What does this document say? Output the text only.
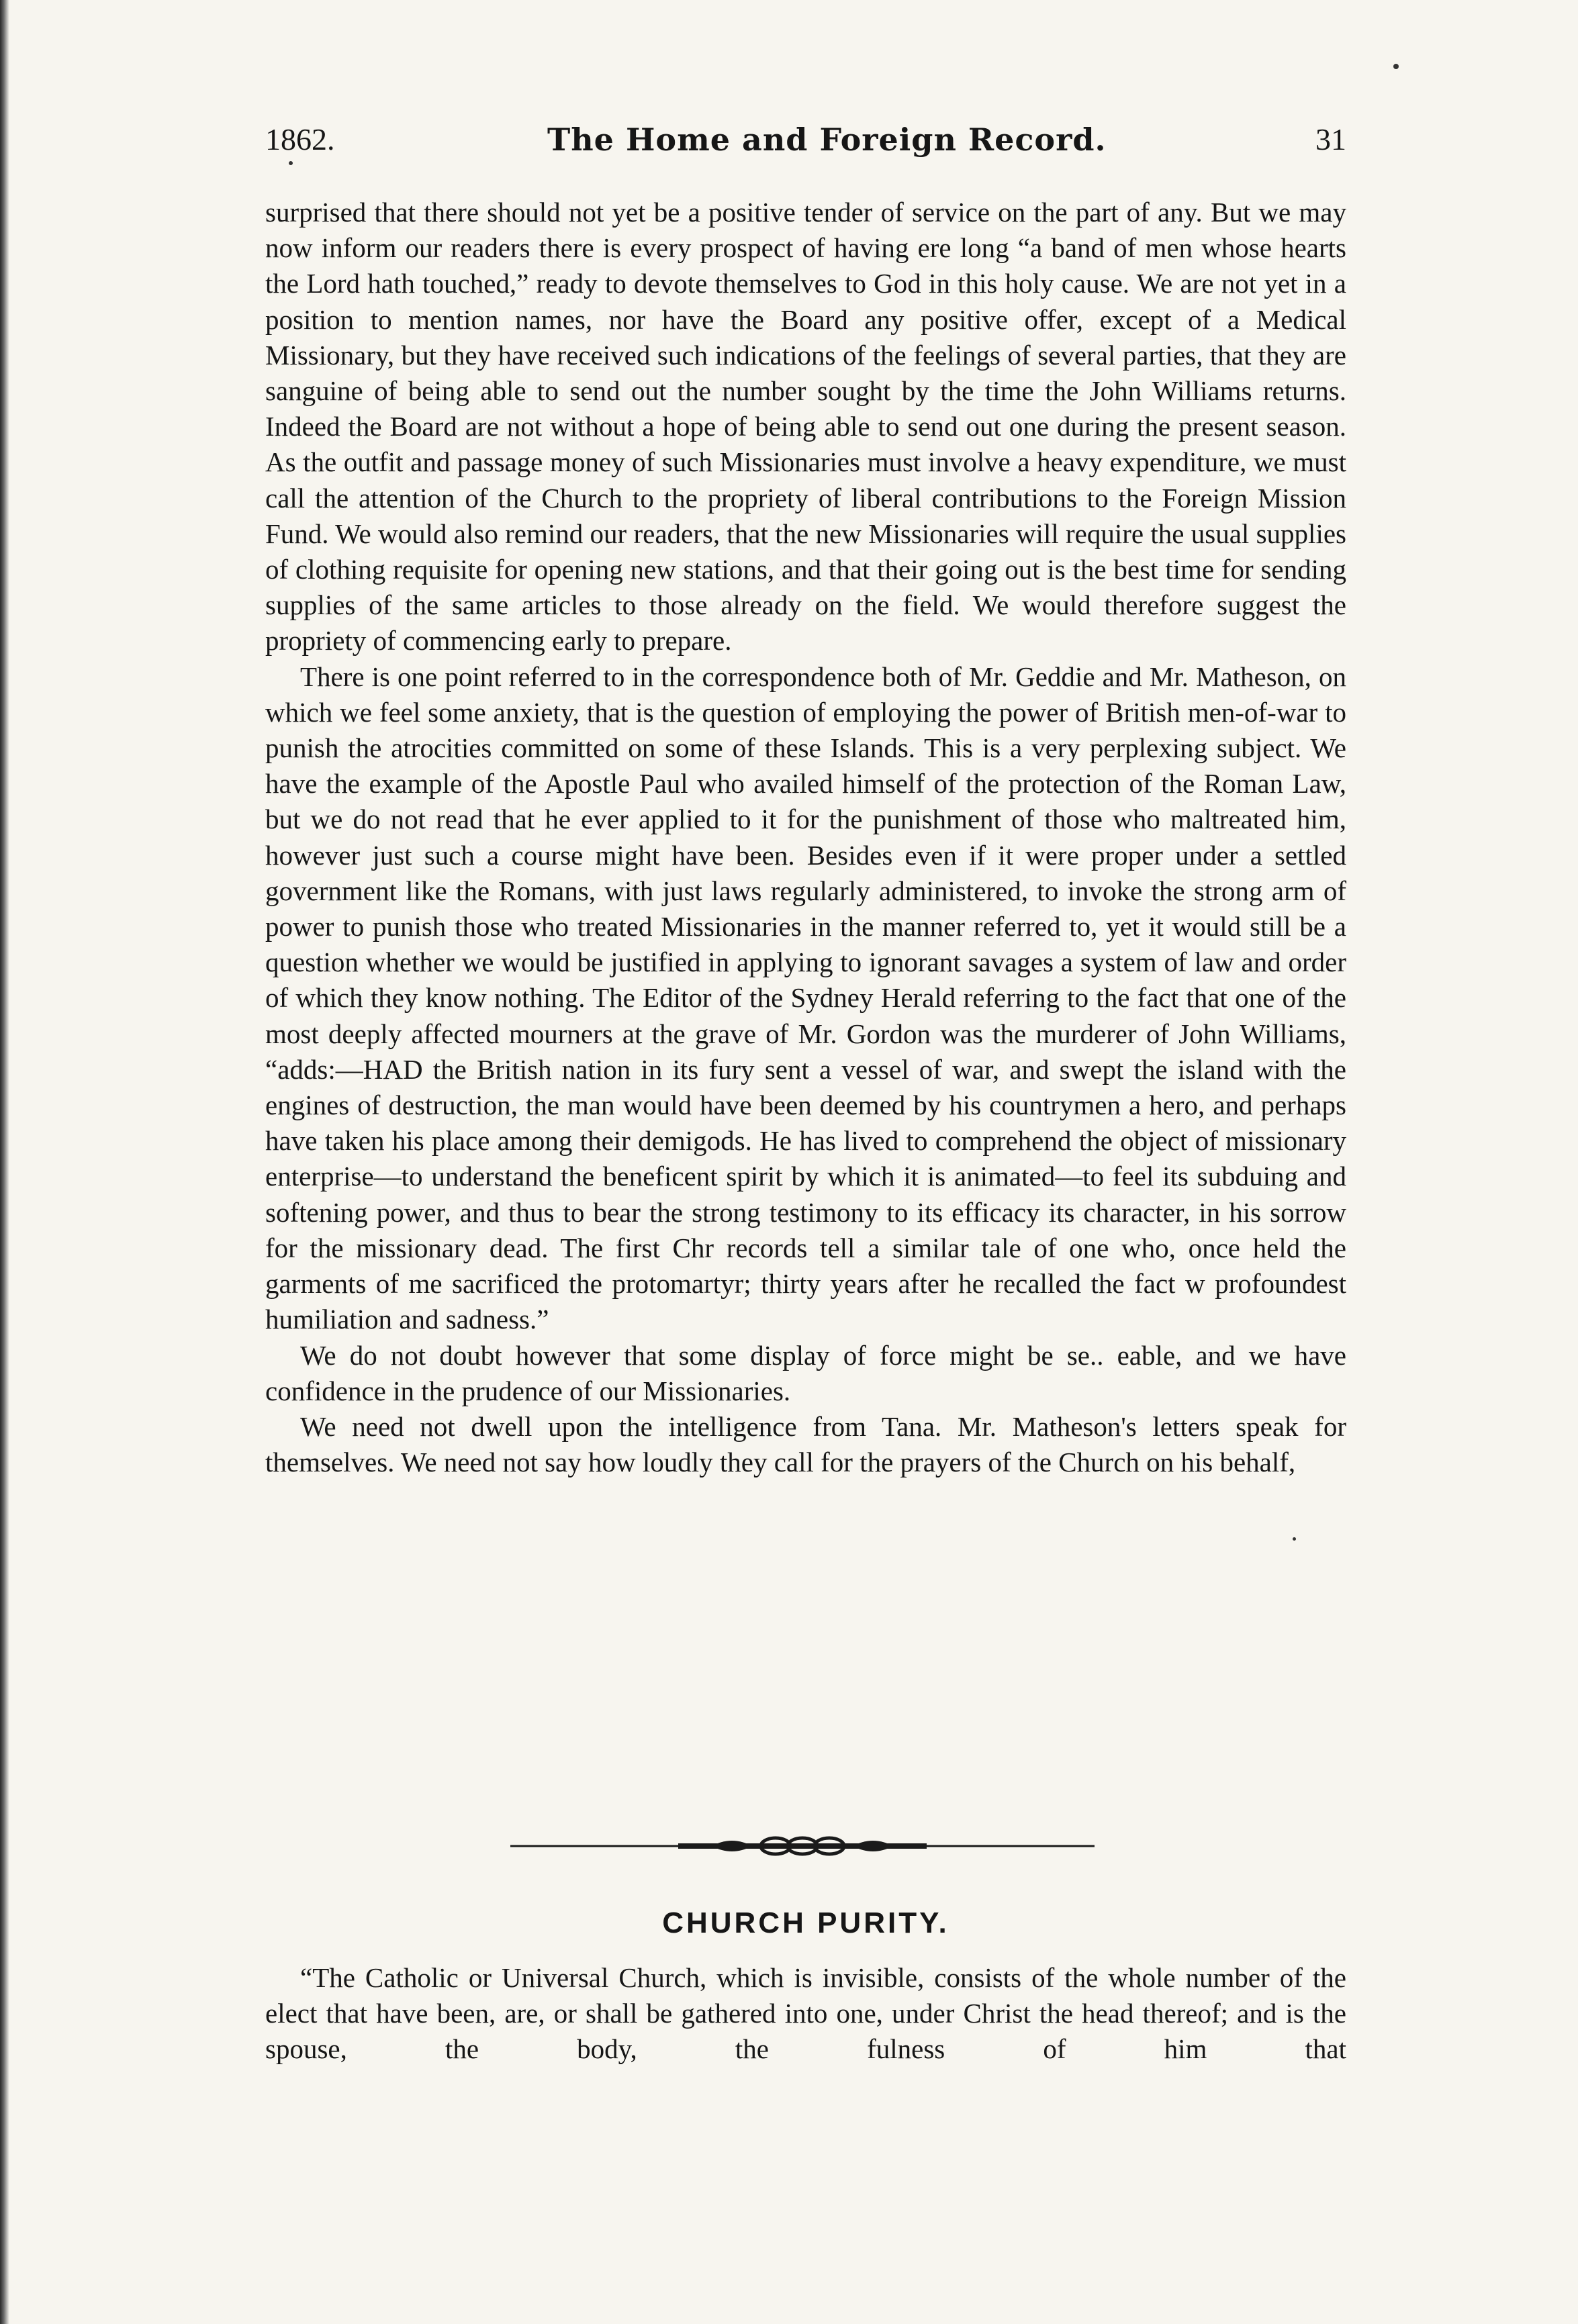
1862.	The Home and Foreign Record.	31

surprised that there should not yet be a positive tender of service on the part of any. But we may now inform our readers there is every prospect of having ere long “a band of men whose hearts the Lord hath touched,” ready to devote themselves to God in this holy cause. We are not yet in a position to mention names, nor have the Board any positive offer, except of a Medical Missionary, but they have received such indications of the feelings of several parties, that they are sanguine of being able to send out the number sought by the time the John Williams returns. Indeed the Board are not without a hope of being able to send out one during the present season. As the outfit and passage money of such Missionaries must involve a heavy expenditure, we must call the attention of the Church to the propriety of liberal contributions to the Foreign Mission Fund. We would also remind our readers, that the new Missionaries will require the usual supplies of clothing requisite for opening new stations, and that their going out is the best time for sending supplies of the same articles to those already on the field. We would therefore suggest the propriety of commencing early to prepare.

There is one point referred to in the correspondence both of Mr. Geddie and Mr. Matheson, on which we feel some anxiety, that is the question of employing the power of British men-of-war to punish the atrocities committed on some of these Islands. This is a very perplexing subject. We have the example of the Apostle Paul who availed himself of the protection of the Roman Law, but we do not read that he ever applied to it for the punishment of those who maltreated him, however just such a course might have been. Besides even if it were proper under a settled government like the Romans, with just laws regularly administered, to invoke the strong arm of power to punish those who treated Missionaries in the manner referred to, yet it would still be a question whether we would be justified in applying to ignorant savages a system of law and order of which they know nothing. The Editor of the Sydney Herald referring to the fact that one of the most deeply affected mourners at the grave of Mr. Gordon was the murderer of John Williams, “adds:—HAD the British nation in its fury sent a vessel of war, and swept the island with the engines of destruction, the man would have been deemed by his countrymen a hero, and perhaps have taken his place among their demigods. He has lived to comprehend the object of missionary enterprise—to understand the beneficent spirit by which it is animated—to feel its subduing and softening power, and thus to bear the strong testimony to its efficacy its character, in his sorrow for the missionary dead. The first Chr records tell a similar tale of one who, once held the garments of me sacrificed the protomartyr; thirty years after he recalled the fact w profoundest humiliation and sadness.”

We do not doubt however that some display of force might be se.. eable, and we have confidence in the prudence of our Missionaries.

We need not dwell upon the intelligence from Tana. Mr. Matheson's letters speak for themselves. We need not say how loudly they call for the prayers of the Church on his behalf,

CHURCH PURITY.

“The Catholic or Universal Church, which is invisible, consists of the whole number of the elect that have been, are, or shall be gathered into one, under Christ the head thereof; and is the spouse, the body, the fulness of him that
